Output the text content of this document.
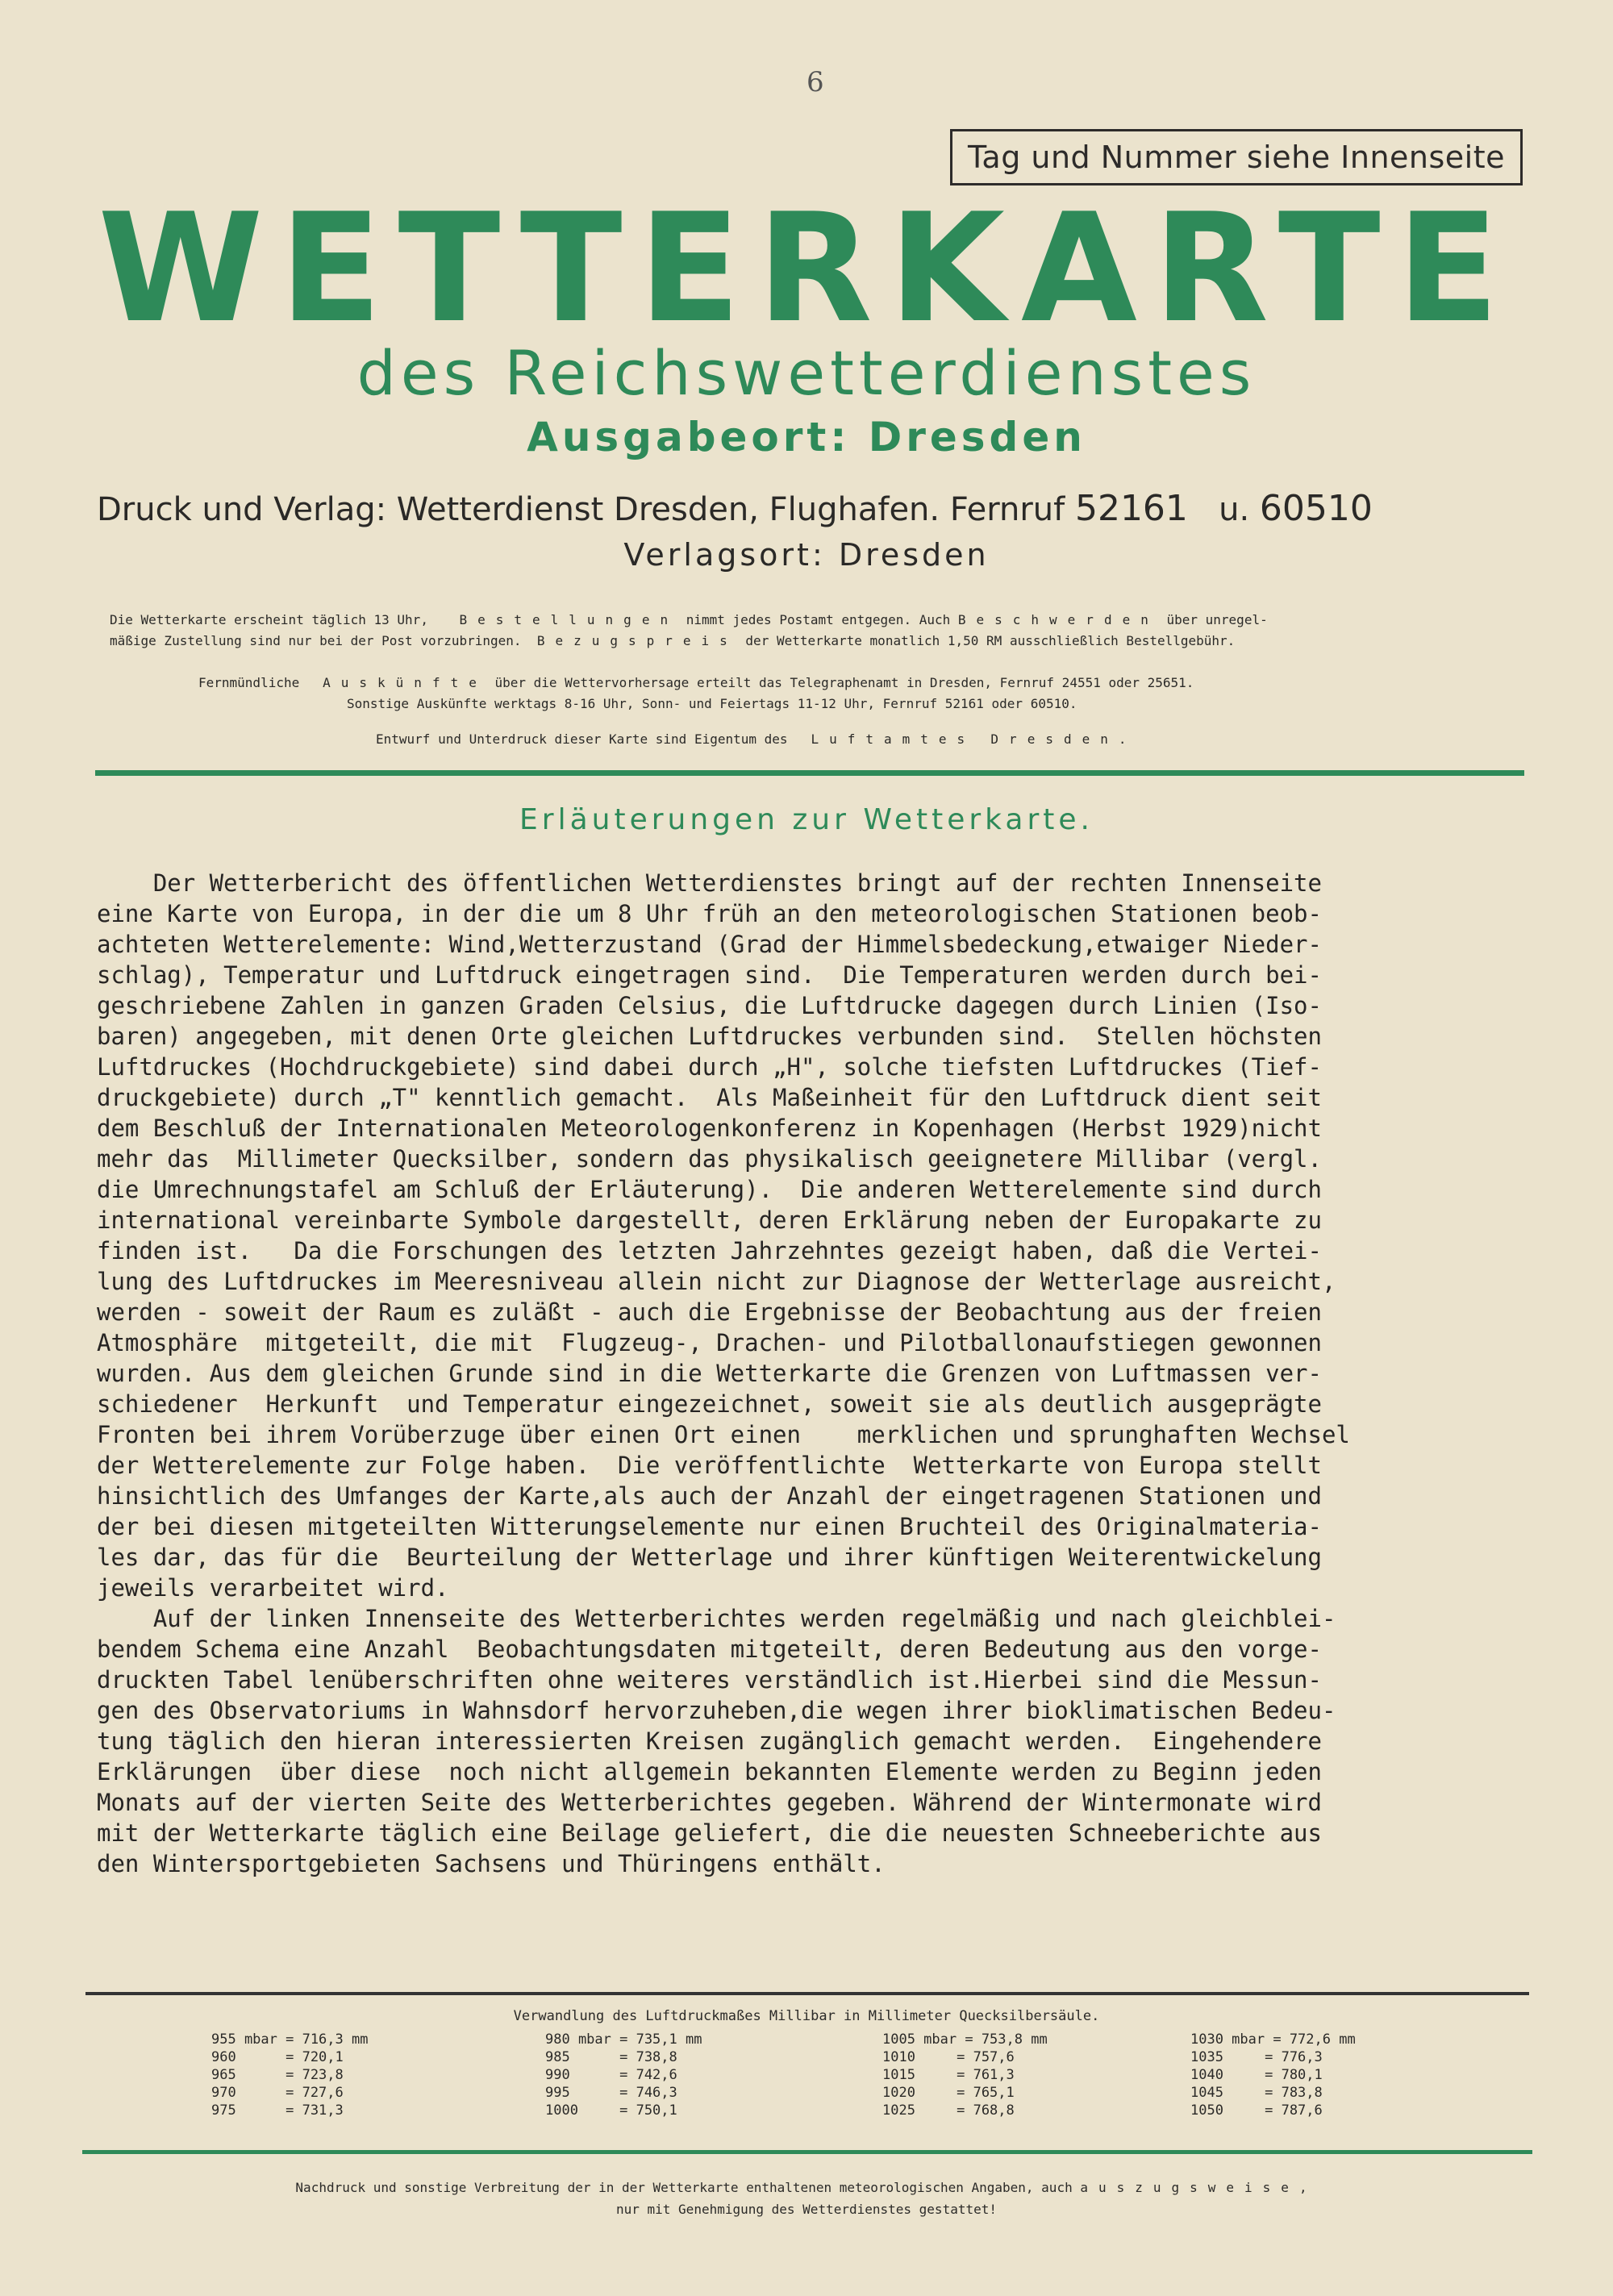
6
Tag und Nummer siehe Innenseite
WETTERKARTE
des Reichswetterdienstes
Ausgabeort: Dresden
Druck und Verlag: Wetterdienst Dresden, Flughafen. Fernruf 52161 u. 60510
Verlagsort: Dresden
Die Wetterkarte erscheint täglich 13 Uhr, Bestellungen nimmt jedes Postamt entgegen. Auch Beschwerden über unregel-
mäßige Zustellung sind nur bei der Post vorzubringen. Bezugspreis der Wetterkarte monatlich 1,50 RM ausschließlich Bestellgebühr.
Fernmündliche Auskünfte über die Wettervorhersage erteilt das Telegraphenamt in Dresden, Fernruf 24551 oder 25651.
Sonstige Auskünfte werktags 8-16 Uhr, Sonn- und Feiertags 11-12 Uhr, Fernruf 52161 oder 60510.
Entwurf und Unterdruck dieser Karte sind Eigentum des Luftamtes Dresden.
Erläuterungen zur Wetterkarte.
Der Wetterbericht des öffentlichen Wetterdienstes bringt auf der rechten Innenseite
eine Karte von Europa, in der die um 8 Uhr früh an den meteorologischen Stationen beob-
achteten Wetterelemente: Wind,Wetterzustand (Grad der Himmelsbedeckung,etwaiger Nieder-
schlag), Temperatur und Luftdruck eingetragen sind.  Die Temperaturen werden durch bei-
geschriebene Zahlen in ganzen Graden Celsius, die Luftdrucke dagegen durch Linien (Iso-
baren) angegeben, mit denen Orte gleichen Luftdruckes verbunden sind.  Stellen höchsten
Luftdruckes (Hochdruckgebiete) sind dabei durch „H", solche tiefsten Luftdruckes (Tief-
druckgebiete) durch „T" kenntlich gemacht.  Als Maßeinheit für den Luftdruck dient seit
dem Beschluß der Internationalen Meteorologenkonferenz in Kopenhagen (Herbst 1929)nicht
mehr das  Millimeter Quecksilber, sondern das physikalisch geeignetere Millibar (vergl.
die Umrechnungstafel am Schluß der Erläuterung).  Die anderen Wetterelemente sind durch
international vereinbarte Symbole dargestellt, deren Erklärung neben der Europakarte zu
finden ist.   Da die Forschungen des letzten Jahrzehntes gezeigt haben, daß die Vertei-
lung des Luftdruckes im Meeresniveau allein nicht zur Diagnose der Wetterlage ausreicht,
werden - soweit der Raum es zuläßt - auch die Ergebnisse der Beobachtung aus der freien
Atmosphäre  mitgeteilt, die mit  Flugzeug-, Drachen- und Pilotballonaufstiegen gewonnen
wurden. Aus dem gleichen Grunde sind in die Wetterkarte die Grenzen von Luftmassen ver-
schiedener  Herkunft  und Temperatur eingezeichnet, soweit sie als deutlich ausgeprägte
Fronten bei ihrem Vorüberzuge über einen Ort einen    merklichen und sprunghaften Wechsel
der Wetterelemente zur Folge haben.  Die veröffentlichte  Wetterkarte von Europa stellt
hinsichtlich des Umfanges der Karte,als auch der Anzahl der eingetragenen Stationen und
der bei diesen mitgeteilten Witterungselemente nur einen Bruchteil des Originalmateria-
les dar, das für die  Beurteilung der Wetterlage und ihrer künftigen Weiterentwickelung
jeweils verarbeitet wird.
Auf der linken Innenseite des Wetterberichtes werden regelmäßig und nach gleichblei-
bendem Schema eine Anzahl  Beobachtungsdaten mitgeteilt, deren Bedeutung aus den vorge-
druckten Tabel lenüberschriften ohne weiteres verständlich ist.Hierbei sind die Messun-
gen des Observatoriums in Wahnsdorf hervorzuheben,die wegen ihrer bioklimatischen Bedeu-
tung täglich den hieran interessierten Kreisen zugänglich gemacht werden.  Eingehendere
Erklärungen  über diese  noch nicht allgemein bekannten Elemente werden zu Beginn jeden
Monats auf der vierten Seite des Wetterberichtes gegeben. Während der Wintermonate wird
mit der Wetterkarte täglich eine Beilage geliefert, die die neuesten Schneeberichte aus
den Wintersportgebieten Sachsens und Thüringens enthält.
Verwandlung des Luftdruckmaßes Millibar in Millimeter Quecksilbersäule.
955 mbar = 716,3 mm
960      = 720,1
965      = 723,8
970      = 727,6
975      = 731,3
980 mbar = 735,1 mm
985      = 738,8
990      = 742,6
995      = 746,3
1000     = 750,1
1005 mbar = 753,8 mm
1010     = 757,6
1015     = 761,3
1020     = 765,1
1025     = 768,8
1030 mbar = 772,6 mm
1035     = 776,3
1040     = 780,1
1045     = 783,8
1050     = 787,6
Nachdruck und sonstige Verbreitung der in der Wetterkarte enthaltenen meteorologischen Angaben, auch auszugsweise,
nur mit Genehmigung des Wetterdienstes gestattet!
